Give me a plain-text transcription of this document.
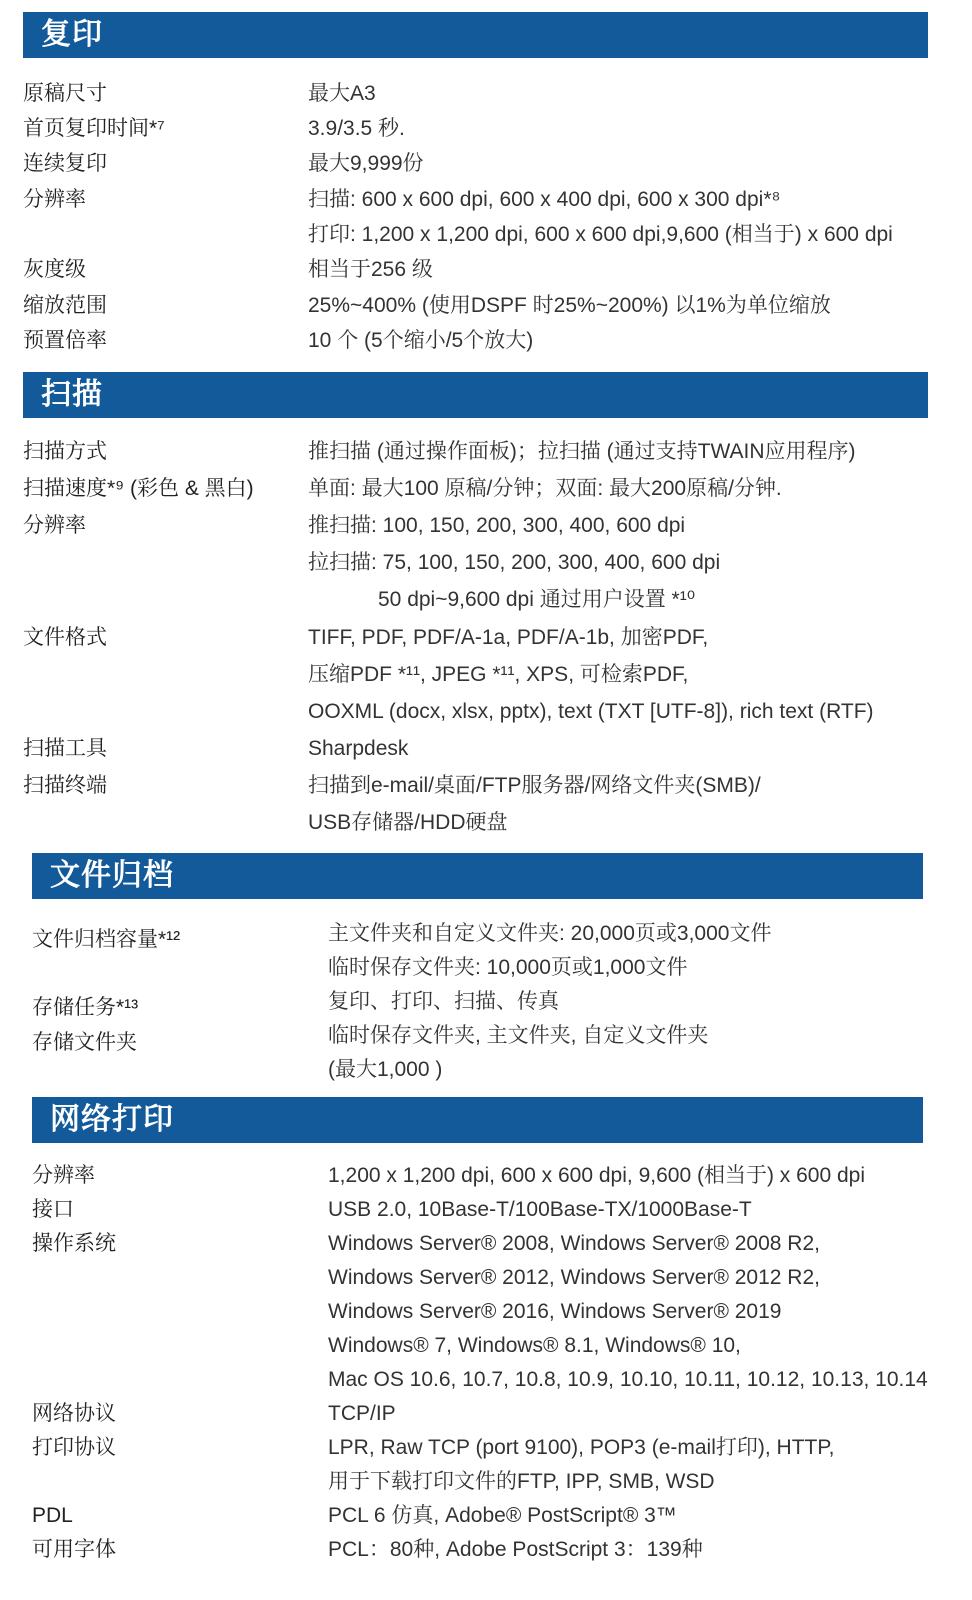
复印
原稿尺寸	最大A3
首页复印时间*⁷	3.9/3.5 秒.
连续复印	最大9,999份
分辨率	扫描: 600 x 600 dpi, 600 x 400 dpi, 600 x 300 dpi*⁸
打印: 1,200 x 1,200 dpi, 600 x 600 dpi,9,600 (相当于) x 600 dpi
灰度级	相当于256 级
缩放范围	25%~400% (使用DSPF 时25%~200%) 以1%为单位缩放
预置倍率	10 个 (5个缩小/5个放大)
扫描
扫描方式	推扫描 (通过操作面板)；拉扫描 (通过支持TWAIN应用程序)
扫描速度*⁹ (彩色 & 黑白)	单面: 最大100 原稿/分钟；双面: 最大200原稿/分钟.
分辨率	推扫描: 100, 150, 200, 300, 400, 600 dpi
拉扫描: 75, 100, 150, 200, 300, 400, 600 dpi
50 dpi~9,600 dpi 通过用户设置 *¹⁰
文件格式	TIFF, PDF, PDF/A-1a, PDF/A-1b, 加密PDF,
压缩PDF *¹¹, JPEG *¹¹, XPS, 可检索PDF,
OOXML (docx, xlsx, pptx), text (TXT [UTF-8]), rich text (RTF)
扫描工具	Sharpdesk
扫描终端	扫描到e-mail/桌面/FTP服务器/网络文件夹(SMB)/
USB存储器/HDD硬盘
文件归档
文件归档容量*¹²	主文件夹和自定义文件夹: 20,000页或3,000文件
临时保存文件夹: 10,000页或1,000文件
存储任务*¹³	复印、打印、扫描、传真
存储文件夹	临时保存文件夹, 主文件夹, 自定义文件夹
(最大1,000 )
网络打印
分辨率	1,200 x 1,200 dpi, 600 x 600 dpi, 9,600 (相当于) x 600 dpi
接口	USB 2.0, 10Base-T/100Base-TX/1000Base-T
操作系统	Windows Server® 2008, Windows Server® 2008 R2,
Windows Server® 2012, Windows Server® 2012 R2,
Windows Server® 2016, Windows Server® 2019
Windows® 7, Windows® 8.1, Windows® 10,
Mac OS 10.6, 10.7, 10.8, 10.9, 10.10, 10.11, 10.12, 10.13, 10.14
网络协议	TCP/IP
打印协议	LPR, Raw TCP (port 9100), POP3 (e-mail打印), HTTP,
用于下载打印文件的FTP, IPP, SMB, WSD
PDL	PCL 6 仿真, Adobe® PostScript® 3™
可用字体	PCL：80种, Adobe PostScript 3：139种
